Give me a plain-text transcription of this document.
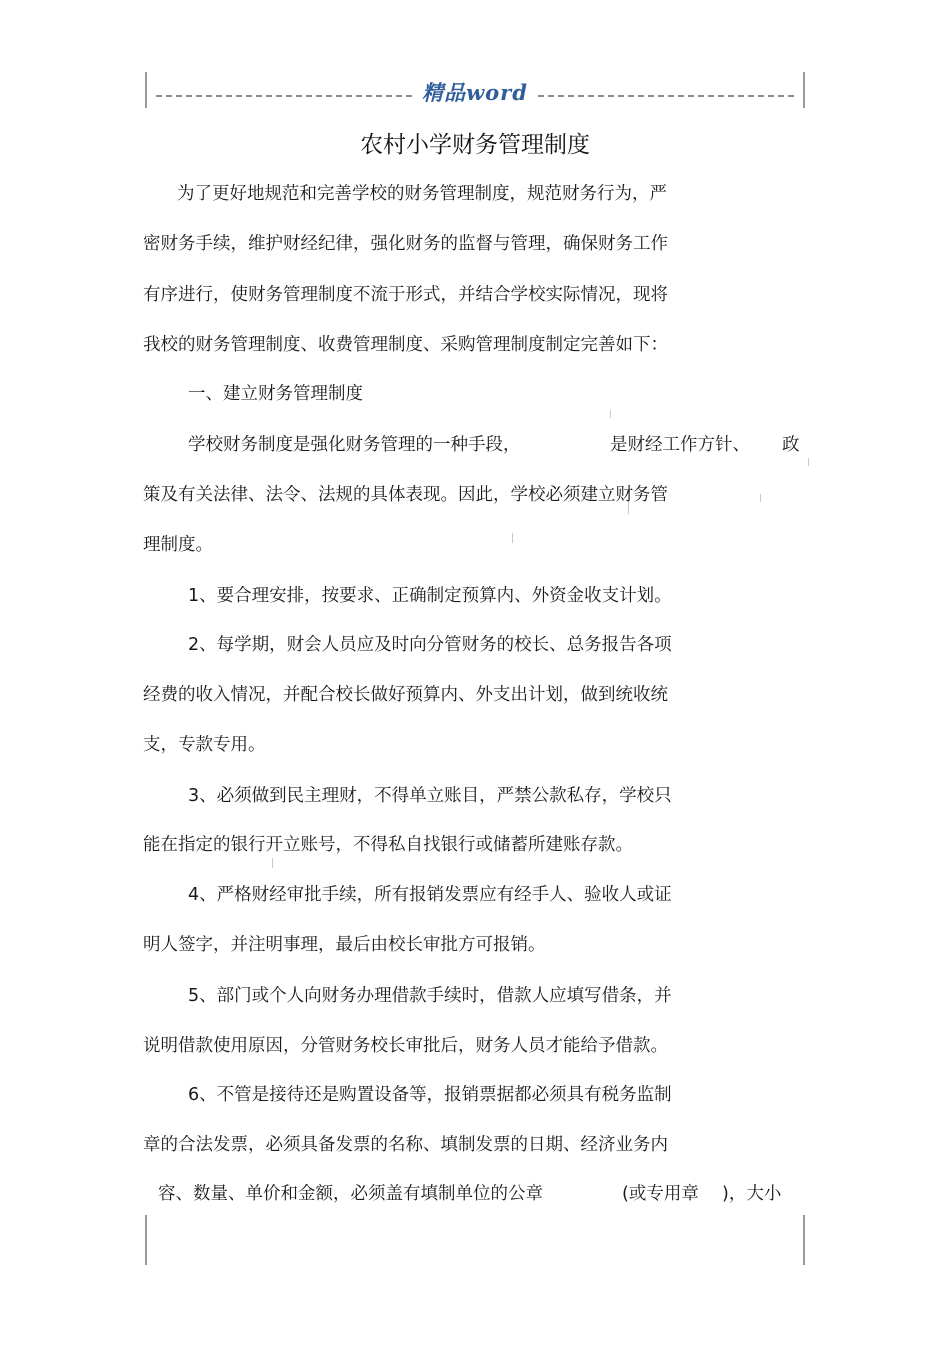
精品word
农村小学财务管理制度
为了更好地规范和完善学校的财务管理制度，规范财务行为，严
密财务手续，维护财经纪律，强化财务的监督与管理，确保财务工作
有序进行，使财务管理制度不流于形式，并结合学校实际情况，现将
我校的财务管理制度、收费管理制度、采购管理制度制定完善如下：
一、建立财务管理制度
学校财务制度是强化财务管理的一种手段，	是财经工作方针、 政
策及有关法律、法令、法规的具体表现。因此，学校必须建立财务管
理制度。
1、要合理安排，按要求、正确制定预算内、外资金收支计划。
2、每学期，财会人员应及时向分管财务的校长、总务报告各项
经费的收入情况，并配合校长做好预算内、外支出计划，做到统收统
支，专款专用。
3、必须做到民主理财，不得单立账目，严禁公款私存，学校只
能在指定的银行开立账号，不得私自找银行或储蓄所建账存款。
4、严格财经审批手续，所有报销发票应有经手人、验收人或证
明人签字，并注明事理，最后由校长审批方可报销。
5、部门或个人向财务办理借款手续时，借款人应填写借条，并
说明借款使用原因，分管财务校长审批后，财务人员才能给予借款。
6、不管是接待还是购置设备等，报销票据都必须具有税务监制
章的合法发票，必须具备发票的名称、填制发票的日期、经济业务内
容、数量、单价和金额，必须盖有填制单位的公章	(或专用章 )，大小
